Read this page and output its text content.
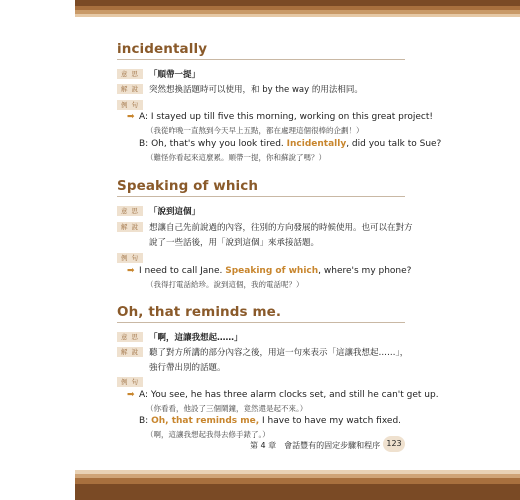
incidentally
意 思	「順帶一提」
解 說	突然想換話題時可以使用，和 by the way 的用法相同。
例 句
➡ A: I stayed up till five this morning, working on this great project!
（我從昨晚一直熬到今天早上五點，都在處理這個很棒的企劃！）
B: Oh, that's why you look tired. Incidentally, did you talk to Sue?
（難怪你看起來這麼累。順帶一提，你和蘇說了嗎？）
Speaking of which
意 思	「說到這個」
解 說	想讓自己先前說過的內容，往別的方向發展的時候使用。也可以在對方
說了一些話後，用「說到這個」來承接話題。
例 句
➡ I need to call Jane. Speaking of which, where's my phone?
（我得打電話給珍。說到這個，我的電話呢？）
Oh, that reminds me.
意 思	「啊，這讓我想起……」
解 說	聽了對方所講的部分內容之後，用這一句來表示「這讓我想起……」，
強行帶出別的話題。
例 句
➡ A: You see, he has three alarm clocks set, and still he can't get up.
（你看看，他設了三個鬧鐘，竟然還是起不來。）
B: Oh, that reminds me, I have to have my watch fixed.
（啊，這讓我想起我得去修手錶了。）
第 4 章　會話豐有的固定步驟和程序 123
